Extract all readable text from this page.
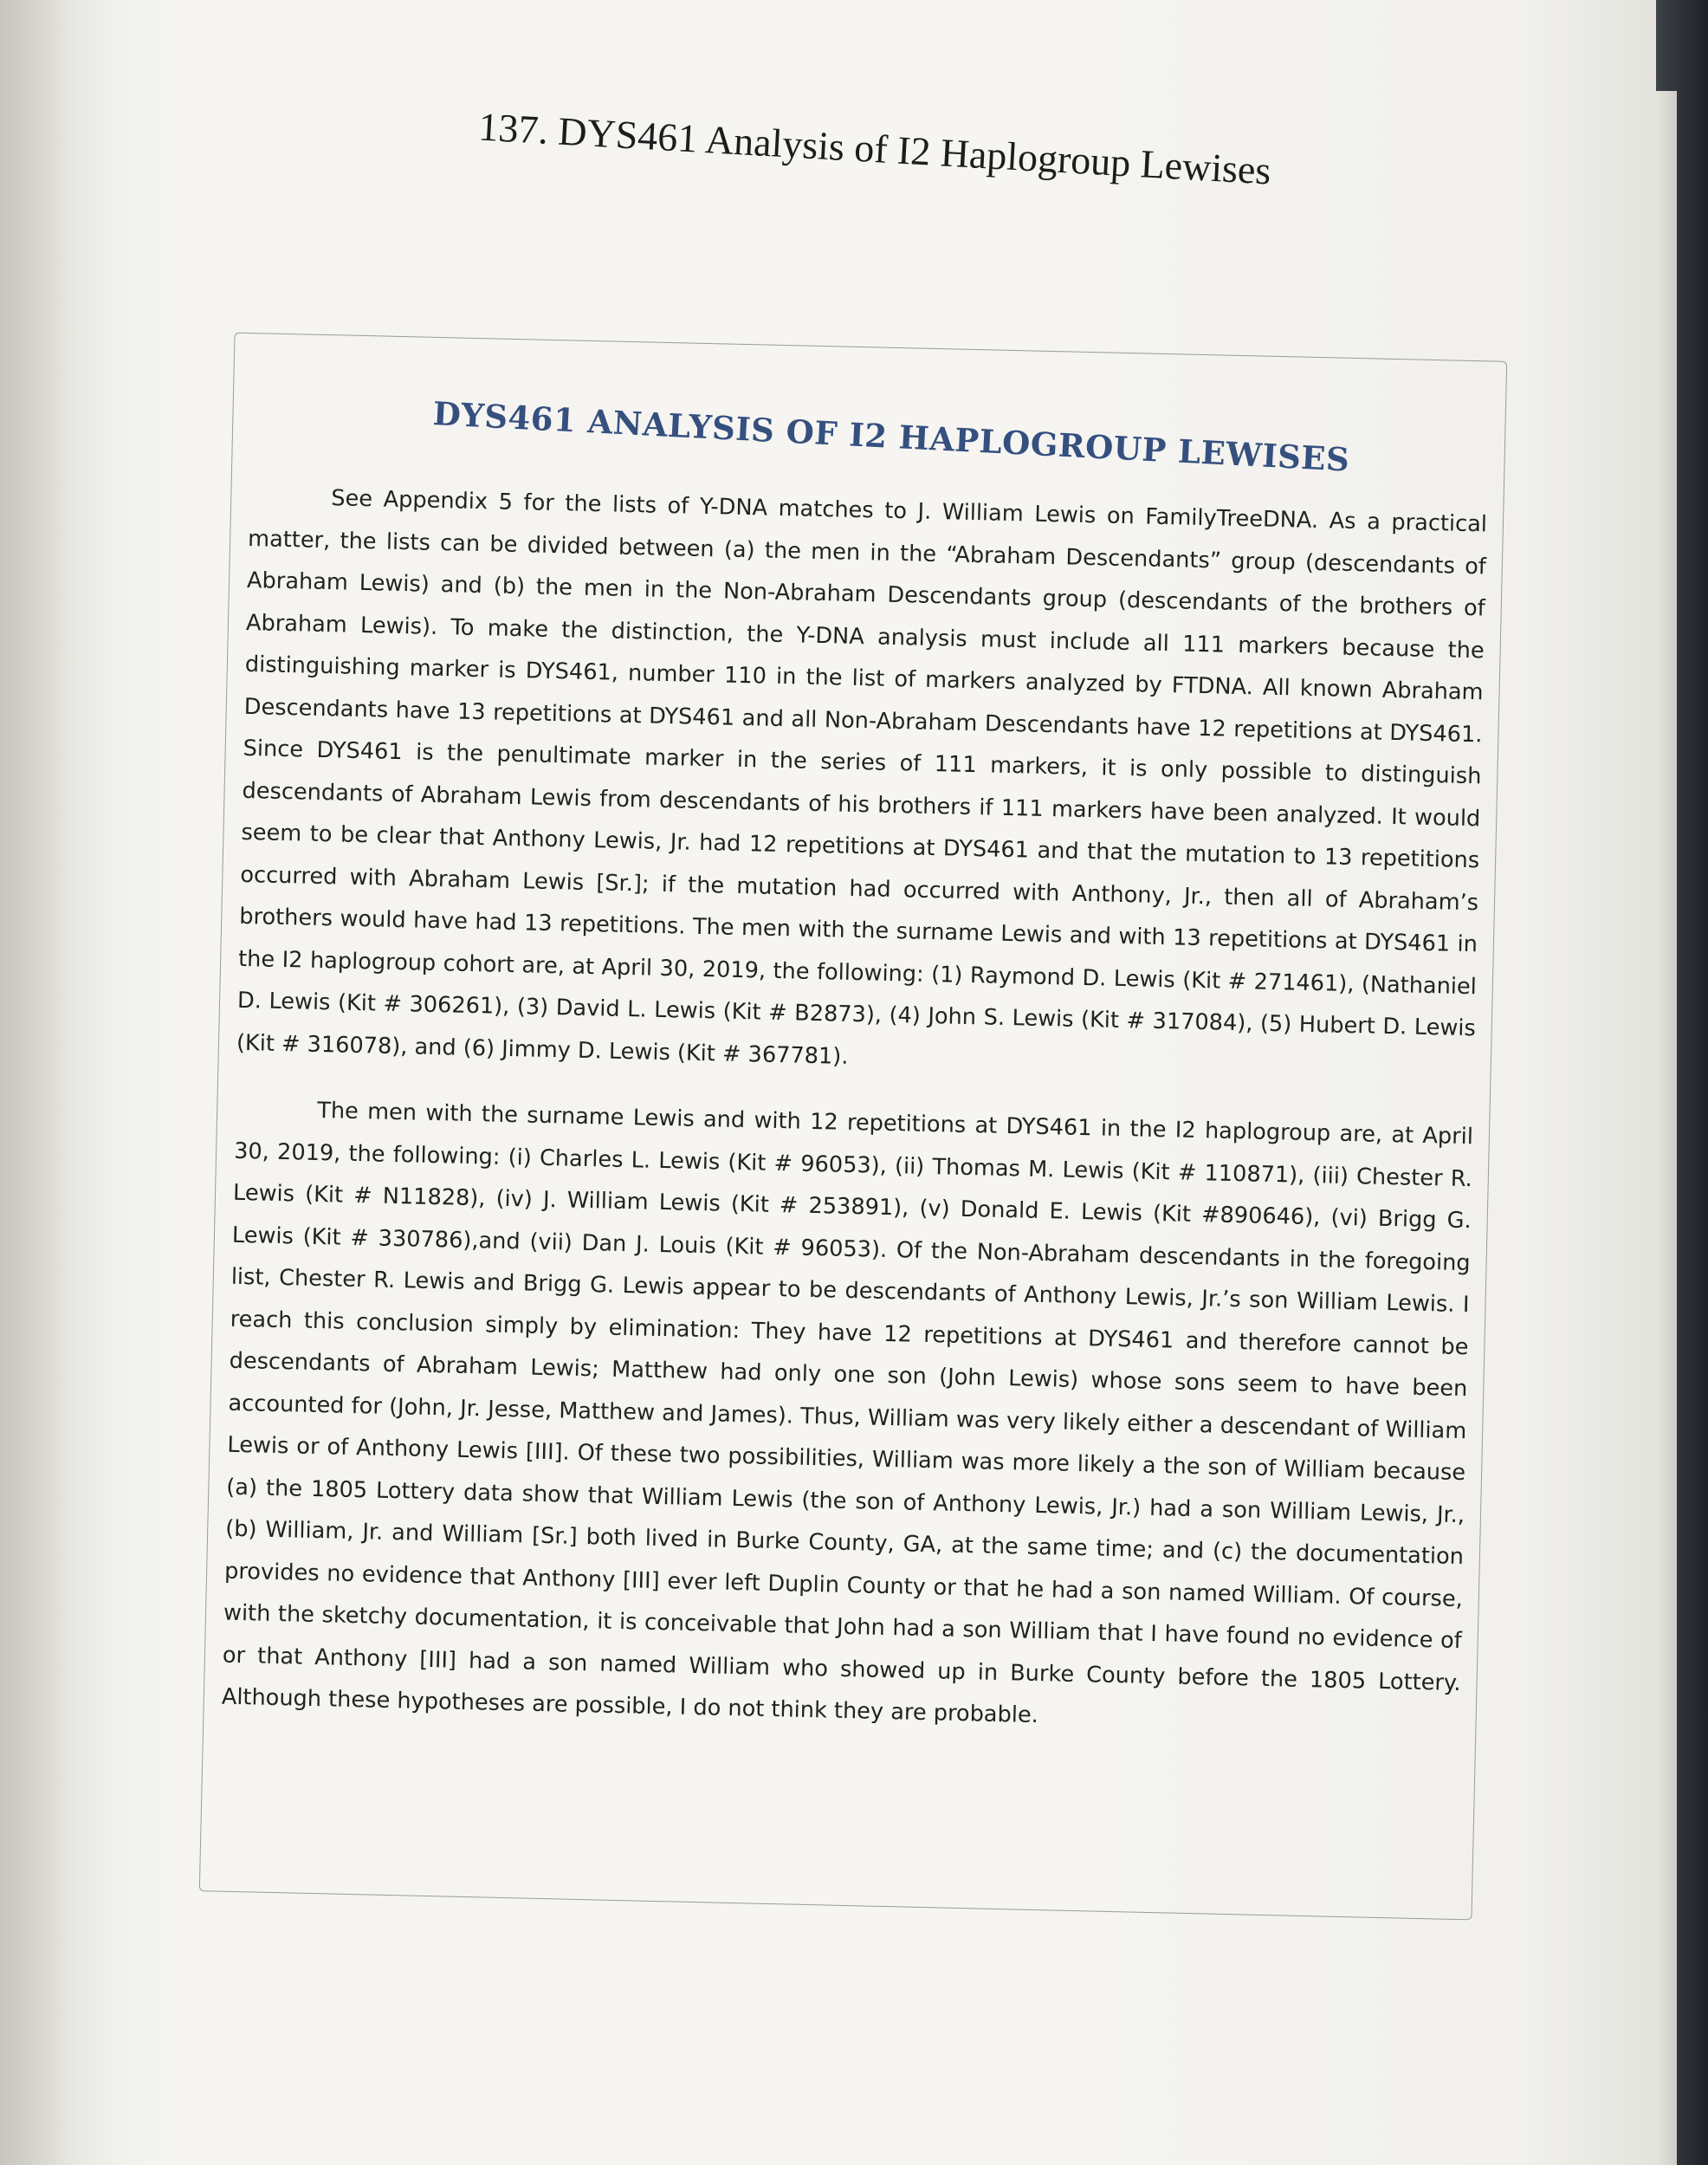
137. DYS461 Analysis of I2 Haplogroup Lewises
DYS461 ANALYSIS OF I2 HAPLOGROUP LEWISES

See Appendix 5 for the lists of Y-DNA matches to J. William Lewis on FamilyTreeDNA. As a practical matter, the lists can be divided between (a) the men in the “Abraham Descendants” group (descendants of Abraham Lewis) and (b) the men in the Non-Abraham Descendants group (descendants of the brothers of Abraham Lewis). To make the distinction, the Y-DNA analysis must include all 111 markers because the distinguishing marker is DYS461, number 110 in the list of markers analyzed by FTDNA. All known Abraham Descendants have 13 repetitions at DYS461 and all Non-Abraham Descendants have 12 repetitions at DYS461. Since DYS461 is the penultimate marker in the series of 111 markers, it is only possible to distinguish descendants of Abraham Lewis from descendants of his brothers if 111 markers have been analyzed. It would seem to be clear that Anthony Lewis, Jr. had 12 repetitions at DYS461 and that the mutation to 13 repetitions occurred with Abraham Lewis [Sr.]; if the mutation had occurred with Anthony, Jr., then all of Abraham’s brothers would have had 13 repetitions. The men with the surname Lewis and with 13 repetitions at DYS461 in the I2 haplogroup cohort are, at April 30, 2019, the following: (1) Raymond D. Lewis (Kit # 271461), (Nathaniel D. Lewis (Kit # 306261), (3) David L. Lewis (Kit # B2873), (4) John S. Lewis (Kit # 317084), (5) Hubert D. Lewis (Kit # 316078), and (6) Jimmy D. Lewis (Kit # 367781).

The men with the surname Lewis and with 12 repetitions at DYS461 in the I2 haplogroup are, at April 30, 2019, the following: (i) Charles L. Lewis (Kit # 96053), (ii) Thomas M. Lewis (Kit # 110871), (iii) Chester R. Lewis (Kit # N11828), (iv) J. William Lewis (Kit # 253891), (v) Donald E. Lewis (Kit #890646), (vi) Brigg G. Lewis (Kit # 330786),and (vii) Dan J. Louis (Kit # 96053). Of the Non-Abraham descendants in the foregoing list, Chester R. Lewis and Brigg G. Lewis appear to be descendants of Anthony Lewis, Jr.’s son William Lewis. I reach this conclusion simply by elimination: They have 12 repetitions at DYS461 and therefore cannot be descendants of Abraham Lewis; Matthew had only one son (John Lewis) whose sons seem to have been accounted for (John, Jr. Jesse, Matthew and James). Thus, William was very likely either a descendant of William Lewis or of Anthony Lewis [III]. Of these two possibilities, William was more likely a the son of William because (a) the 1805 Lottery data show that William Lewis (the son of Anthony Lewis, Jr.) had a son William Lewis, Jr., (b) William, Jr. and William [Sr.] both lived in Burke County, GA, at the same time; and (c) the documentation provides no evidence that Anthony [III] ever left Duplin County or that he had a son named William. Of course, with the sketchy documentation, it is conceivable that John had a son William that I have found no evidence of or that Anthony [III] had a son named William who showed up in Burke County before the 1805 Lottery. Although these hypotheses are possible, I do not think they are probable.
